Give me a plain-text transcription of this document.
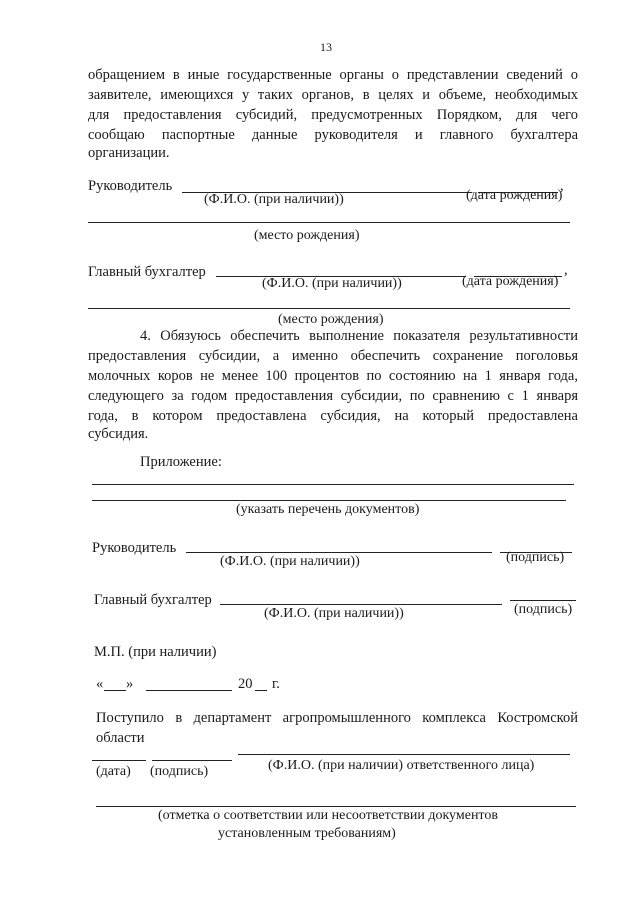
13
обращением в иные государственные органы о представлении сведений о
заявителе, имеющихся у таких органов, в целях и объеме, необходимых
для предоставления субсидий, предусмотренных Порядком, для чего
сообщаю паспортные данные руководителя и главного бухгалтера
организации.
Руководитель	,
(Ф.И.О. (при наличии))	(дата рождения)
(место рождения)
Главный бухгалтер	,
(Ф.И.О. (при наличии))	(дата рождения)
(место рождения)
4. Обязуюсь обеспечить выполнение показателя результативности
предоставления субсидии, а именно обеспечить сохранение поголовья
молочных коров не менее 100 процентов по состоянию на 1 января года,
следующего за годом предоставления субсидии, по сравнению с 1 января
года, в котором предоставлена субсидия, на который предоставлена
субсидия.
Приложение:
(указать перечень документов)
Руководитель
(Ф.И.О. (при наличии))	(подпись)
Главный бухгалтер
(Ф.И.О. (при наличии))	(подпись)
М.П. (при наличии)
« »	20 г.
Поступило в департамент агропромышленного комплекса Костромской
области
(дата) (подпись)	(Ф.И.О. (при наличии) ответственного лица)
(отметка о соответствии или несоответствии документов
установленным требованиям)
